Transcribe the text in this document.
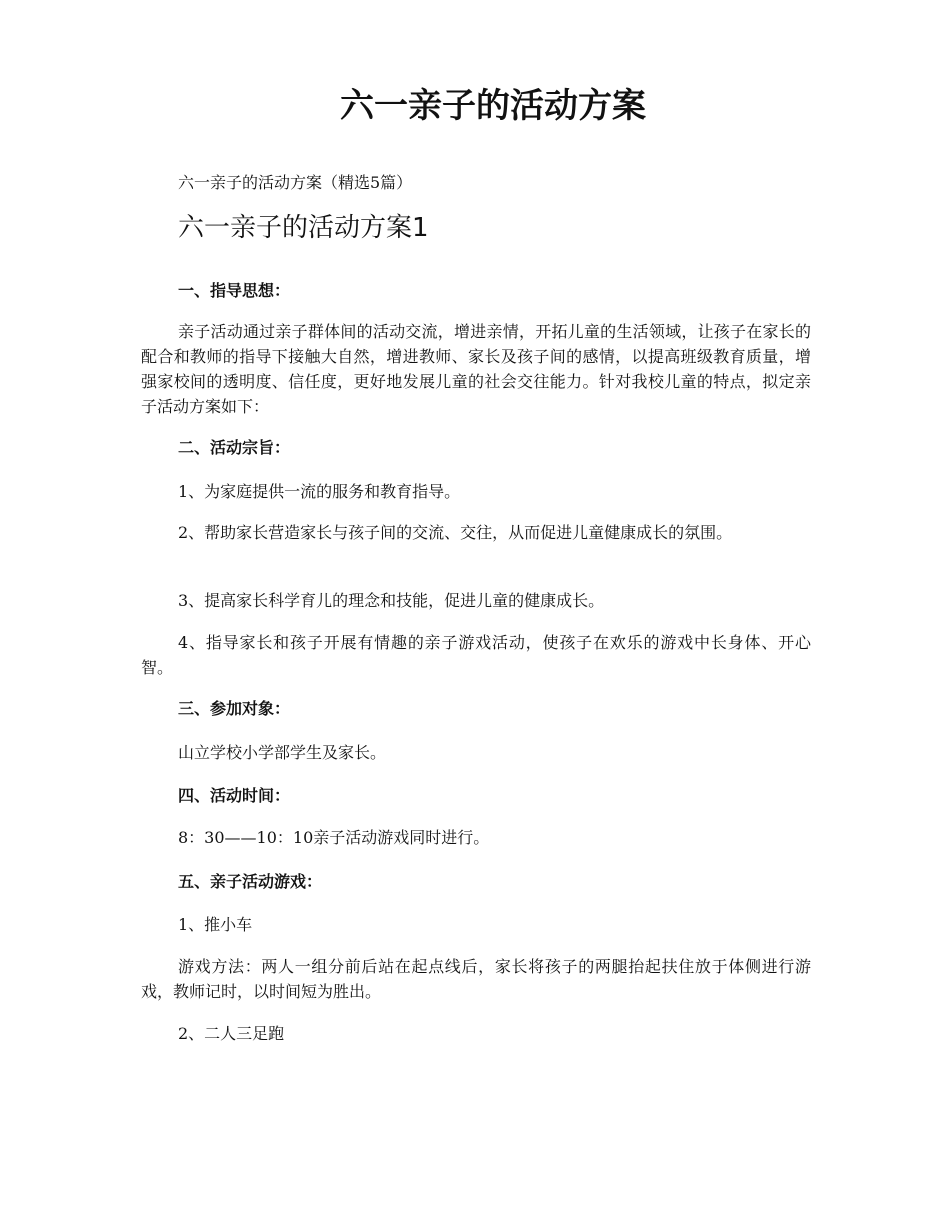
六一亲子的活动方案
六一亲子的活动方案（精选5篇）
六一亲子的活动方案1
一、指导思想：
亲子活动通过亲子群体间的活动交流，增进亲情，开拓儿童的生活领域，让孩子在家长的配合和教师的指导下接触大自然，增进教师、家长及孩子间的感情，以提高班级教育质量，增强家校间的透明度、信任度，更好地发展儿童的社会交往能力。针对我校儿童的特点，拟定亲子活动方案如下：
二、活动宗旨：
1、为家庭提供一流的服务和教育指导。
2、帮助家长营造家长与孩子间的交流、交往，从而促进儿童健康成长的氛围。
3、提高家长科学育儿的理念和技能，促进儿童的健康成长。
4、指导家长和孩子开展有情趣的亲子游戏活动，使孩子在欢乐的游戏中长身体、开心智。
三、参加对象：
山立学校小学部学生及家长。
四、活动时间：
8：30——10：10亲子活动游戏同时进行。
五、亲子活动游戏：
1、推小车
游戏方法：两人一组分前后站在起点线后，家长将孩子的两腿抬起扶住放于体侧进行游戏，教师记时，以时间短为胜出。
2、二人三足跑
